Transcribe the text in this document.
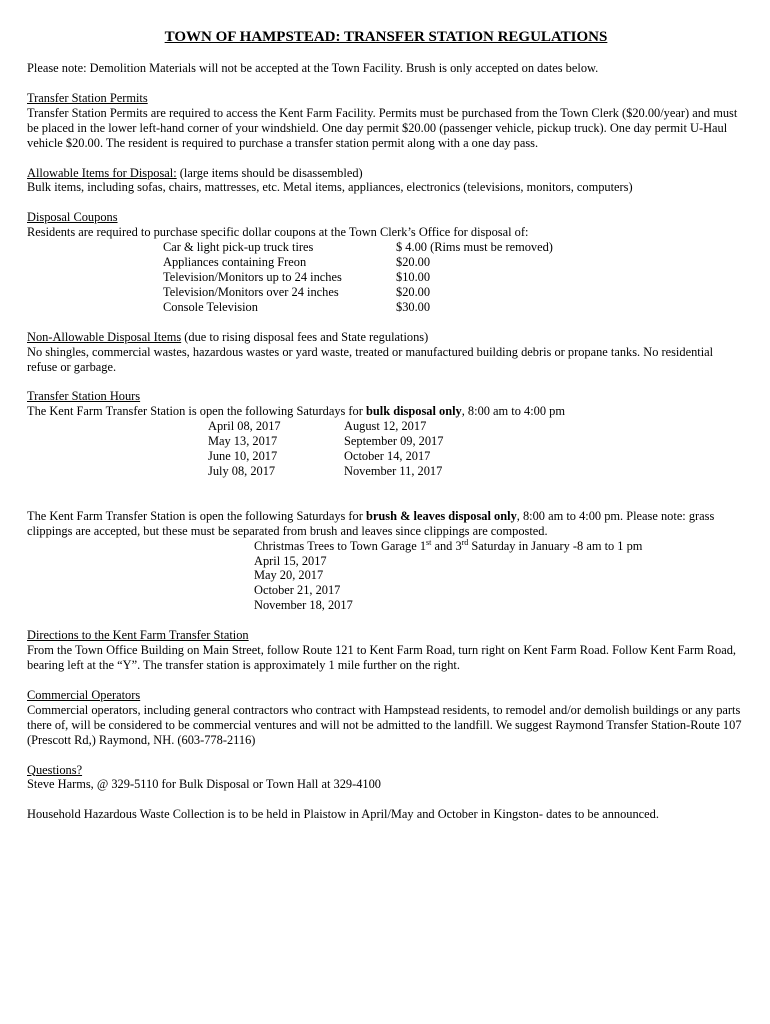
TOWN OF HAMPSTEAD: TRANSFER STATION REGULATIONS

Please note: Demolition Materials will not be accepted at the Town Facility. Brush is only accepted on dates below.

Transfer Station Permits

Transfer Station Permits are required to access the Kent Farm Facility. Permits must be purchased from the Town Clerk ($20.00/year) and must be placed in the lower left-hand corner of your windshield. One day permit $20.00 (passenger vehicle, pickup truck). One day permit U-Haul vehicle $20.00. The resident is required to purchase a transfer station permit along with a one day pass.

Allowable Items for Disposal: (large items should be disassembled)

Bulk items, including sofas, chairs, mattresses, etc. Metal items, appliances, electronics (televisions, monitors, computers)

Disposal Coupons

Residents are required to purchase specific dollar coupons at the Town Clerk’s Office for disposal of:

Car & light pick-up truck tires	$ 4.00 (Rims must be removed)
Appliances containing Freon	$20.00
Television/Monitors up to 24 inches	$10.00
Television/Monitors over 24 inches	$20.00
Console Television	$30.00

Non-Allowable Disposal Items (due to rising disposal fees and State regulations)

No shingles, commercial wastes, hazardous wastes or yard waste, treated or manufactured building debris or propane tanks. No residential refuse or garbage.

Transfer Station Hours

The Kent Farm Transfer Station is open the following Saturdays for bulk disposal only, 8:00 am to 4:00 pm

April 08, 2017	August 12, 2017
May 13, 2017	September 09, 2017
June 10, 2017	October 14, 2017
July 08, 2017	November 11, 2017

The Kent Farm Transfer Station is open the following Saturdays for brush & leaves disposal only, 8:00 am to 4:00 pm. Please note: grass clippings are accepted, but these must be separated from brush and leaves since clippings are composted.

Christmas Trees to Town Garage 1st and 3rd Saturday in January -8 am to 1 pm

April 15, 2017

May 20, 2017

October 21, 2017

November 18, 2017

Directions to the Kent Farm Transfer Station

From the Town Office Building on Main Street, follow Route 121 to Kent Farm Road, turn right on Kent Farm Road. Follow Kent Farm Road, bearing left at the “Y”. The transfer station is approximately 1 mile further on the right.

Commercial Operators

Commercial operators, including general contractors who contract with Hampstead residents, to remodel and/or demolish buildings or any parts there of, will be considered to be commercial ventures and will not be admitted to the landfill. We suggest Raymond Transfer Station-Route 107 (Prescott Rd,) Raymond, NH. (603-778-2116)

Questions?

Steve Harms, @ 329-5110 for Bulk Disposal or Town Hall at 329-4100

Household Hazardous Waste Collection is to be held in Plaistow in April/May and October in Kingston- dates to be announced.
